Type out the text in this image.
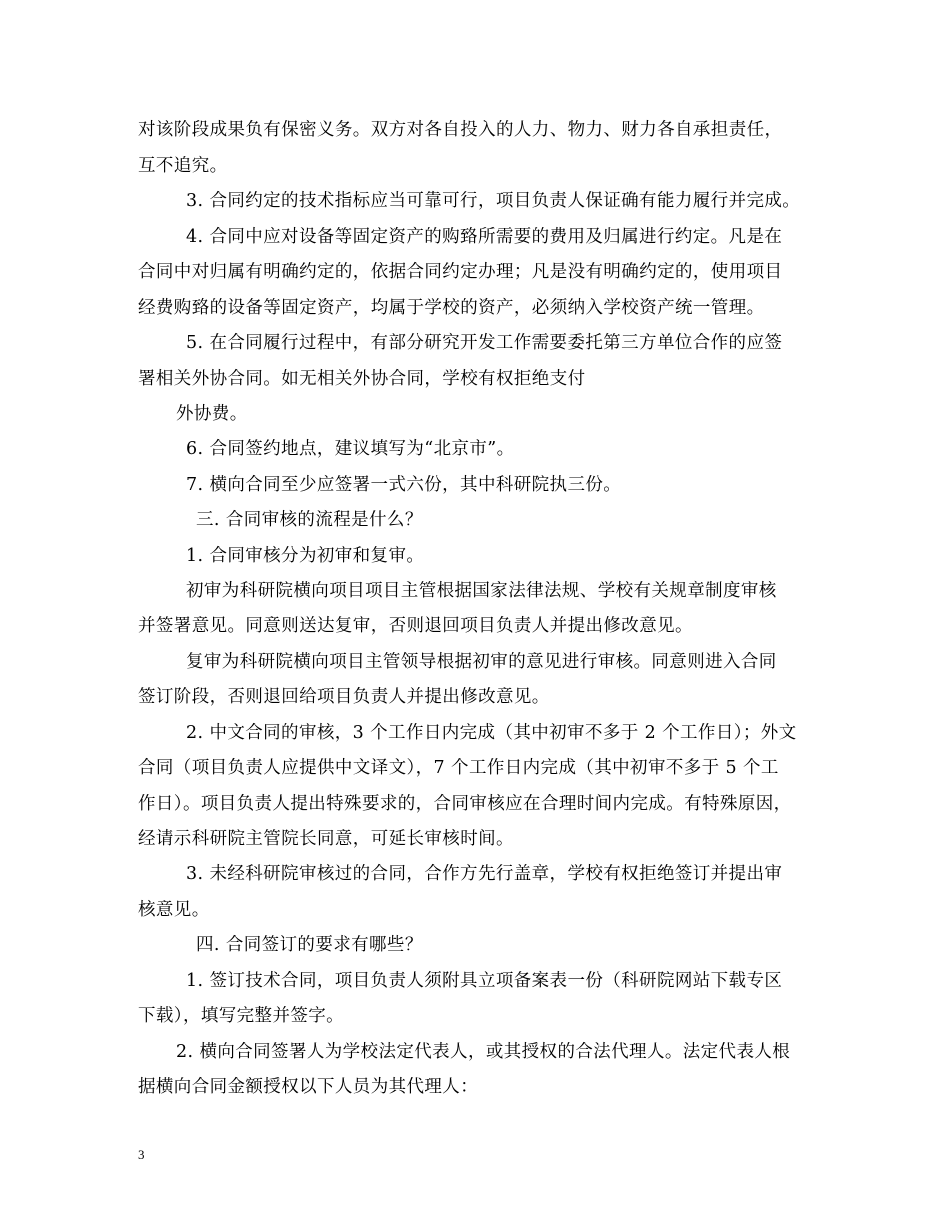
对该阶段成果负有保密义务。双方对各自投入的人力、物力、财力各自承担责任，
互不追究。
3. 合同约定的技术指标应当可靠可行，项目负责人保证确有能力履行并完成。
4. 合同中应对设备等固定资产的购臵所需要的费用及归属进行约定。凡是在
合同中对归属有明确约定的，依据合同约定办理；凡是没有明确约定的，使用项目
经费购臵的设备等固定资产，均属于学校的资产，必须纳入学校资产统一管理。
5. 在合同履行过程中，有部分研究开发工作需要委托第三方单位合作的应签
署相关外协合同。如无相关外协合同，学校有权拒绝支付
外协费。
6. 合同签约地点，建议填写为“北京市”。
7. 横向合同至少应签署一式六份，其中科研院执三份。
三. 合同审核的流程是什么？
1. 合同审核分为初审和复审。
初审为科研院横向项目项目主管根据国家法律法规、学校有关规章制度审核
并签署意见。同意则送达复审，否则退回项目负责人并提出修改意见。
复审为科研院横向项目主管领导根据初审的意见进行审核。同意则进入合同
签订阶段，否则退回给项目负责人并提出修改意见。
2. 中文合同的审核，3 个工作日内完成（其中初审不多于 2 个工作日）；外文
合同（项目负责人应提供中文译文），7 个工作日内完成（其中初审不多于 5 个工
作日）。项目负责人提出特殊要求的，合同审核应在合理时间内完成。有特殊原因，
经请示科研院主管院长同意，可延长审核时间。
3. 未经科研院审核过的合同，合作方先行盖章，学校有权拒绝签订并提出审
核意见。
四. 合同签订的要求有哪些？
1. 签订技术合同，项目负责人须附具立项备案表一份（科研院网站下载专区
下载），填写完整并签字。
2. 横向合同签署人为学校法定代表人，或其授权的合法代理人。法定代表人根
据横向合同金额授权以下人员为其代理人：
3
